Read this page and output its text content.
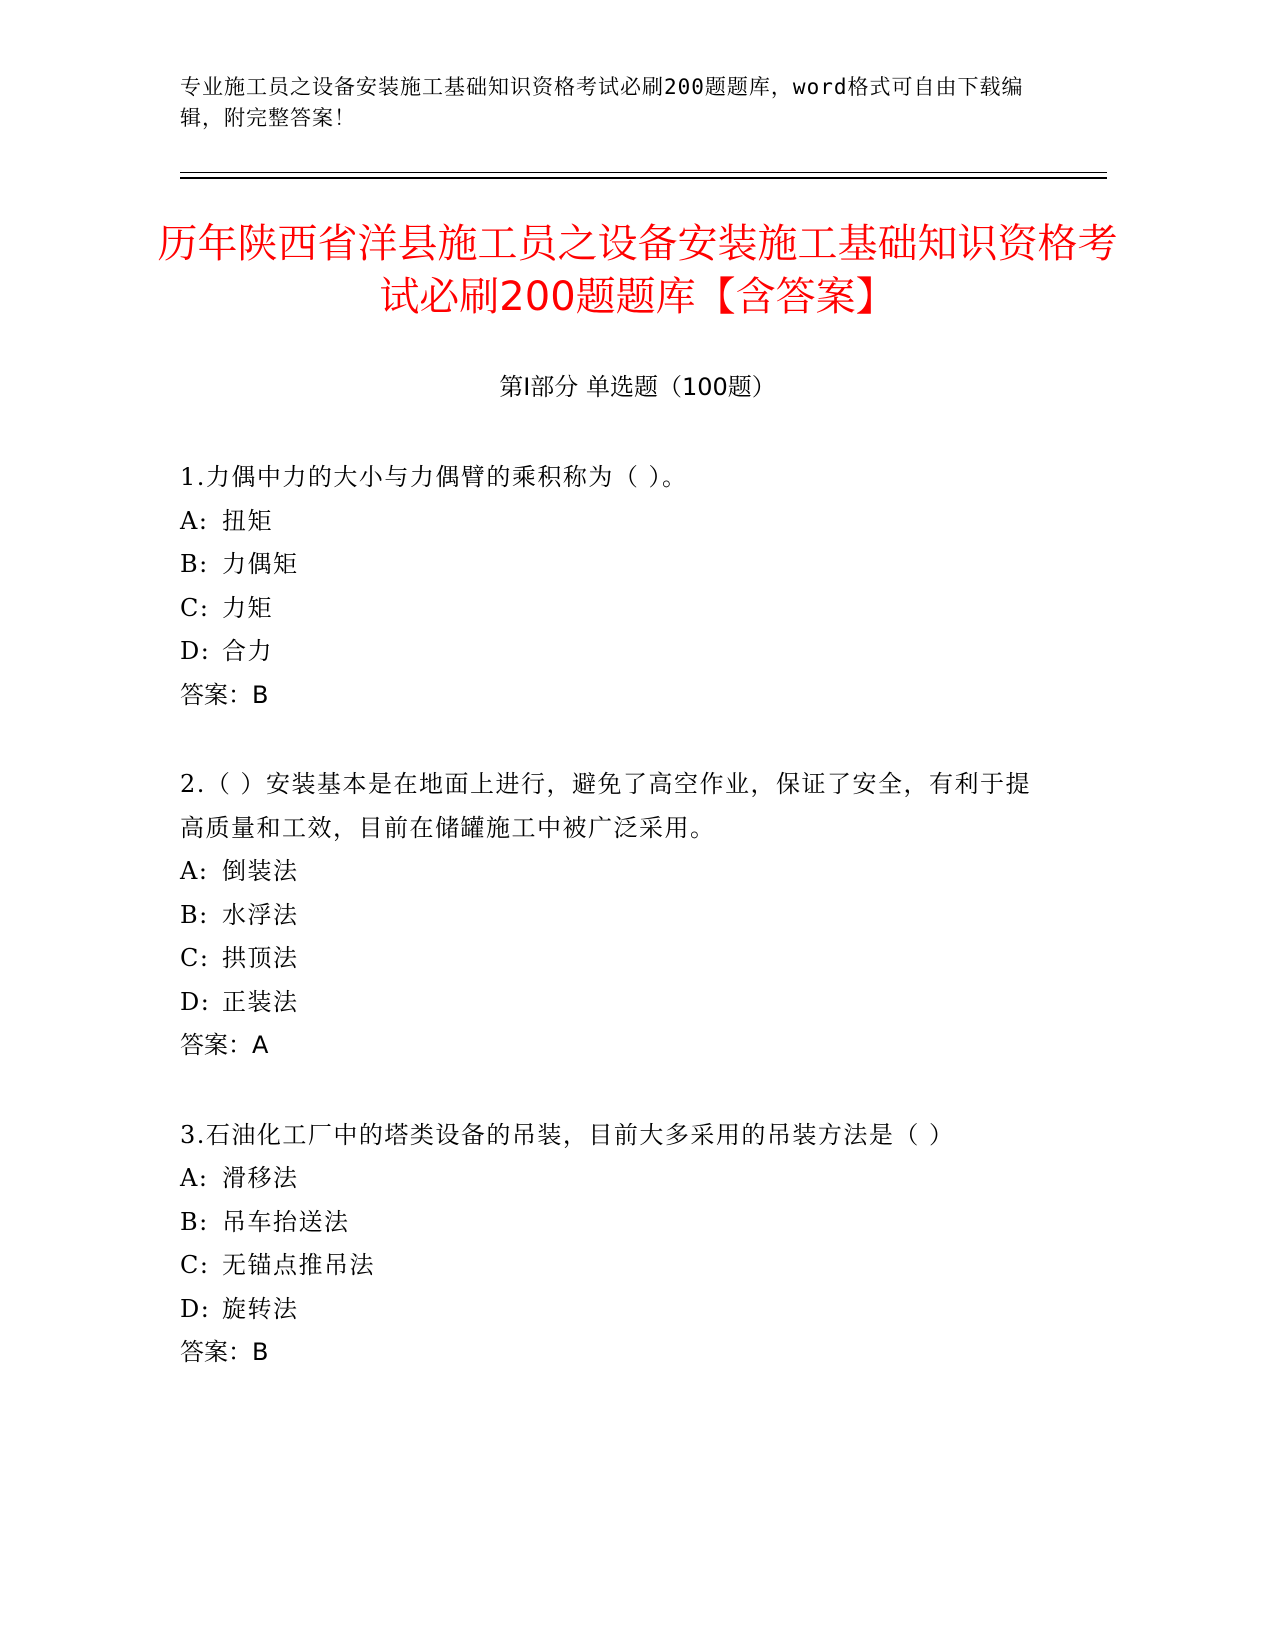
专业施工员之设备安装施工基础知识资格考试必刷200题题库，word格式可自由下载编辑，附完整答案！
历年陕西省洋县施工员之设备安装施工基础知识资格考试必刷200题题库【含答案】
第Ⅰ部分 单选题（100题）
1.力偶中力的大小与力偶臂的乘积称为（ ）。
A: 扭矩
B: 力偶矩
C: 力矩
D: 合力
答案：B
2.（ ）安装基本是在地面上进行，避免了高空作业，保证了安全，有利于提高质量和工效，目前在储罐施工中被广泛采用。
A: 倒装法
B: 水浮法
C: 拱顶法
D: 正装法
答案：A
3.石油化工厂中的塔类设备的吊装，目前大多采用的吊装方法是（ ）
A: 滑移法
B: 吊车抬送法
C: 无锚点推吊法
D: 旋转法
答案：B
